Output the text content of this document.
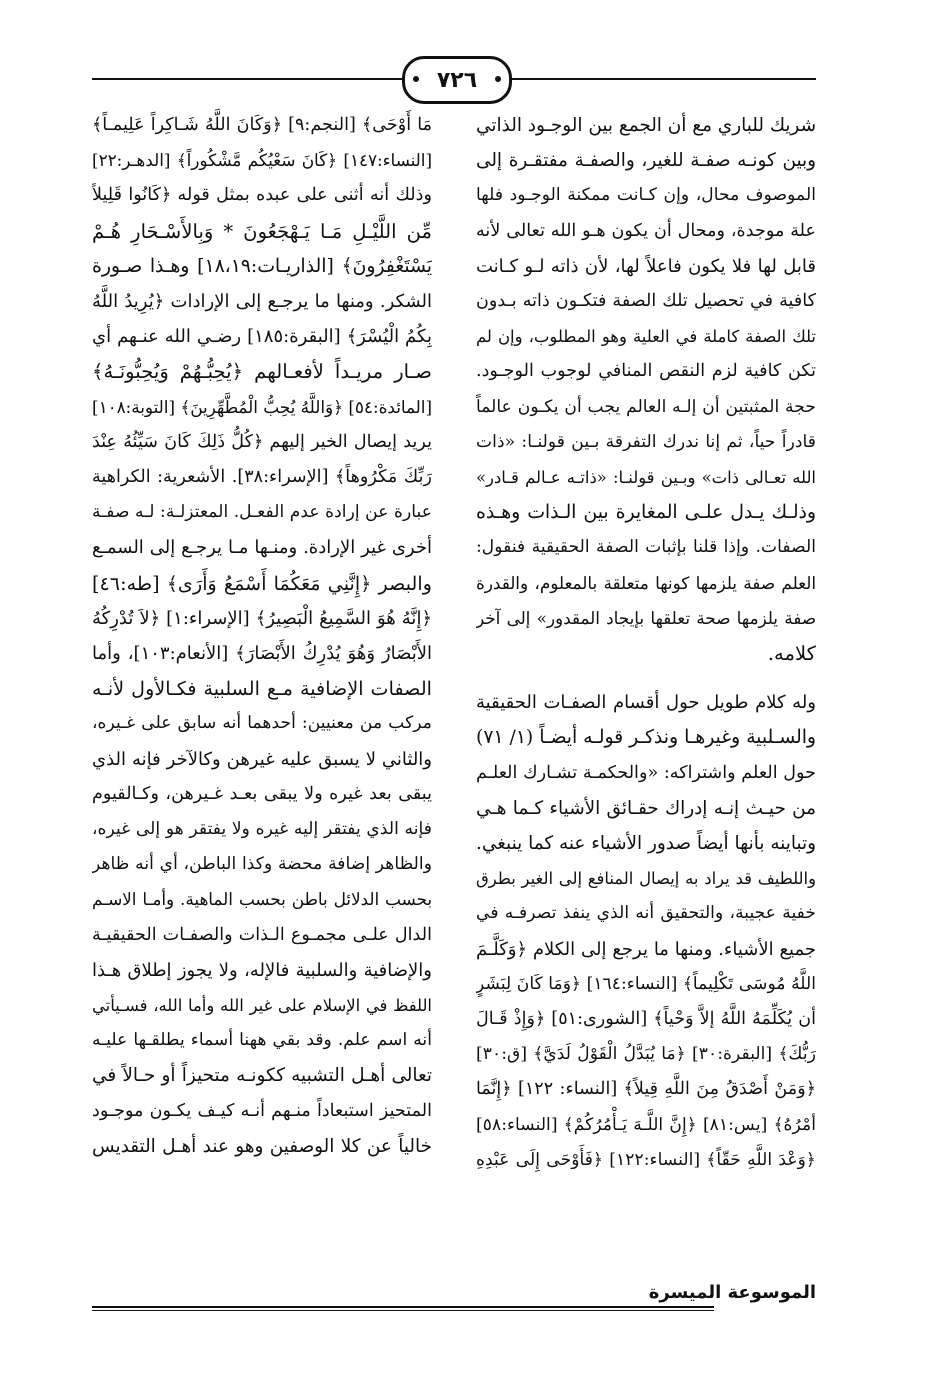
٧٢٦

شريك للباري مع أن الجمع بين الوجـود الذاتي
وبين كونـه صفـة للغير، والصفـة مفتقـرة إلى
الموصوف محال، وإن كـانت ممكنة الوجـود فلها
علة موجدة، ومحال أن يكون هـو الله تعالى لأنه
قابل لها فلا يكون فاعلاً لها، لأن ذاته لـو كـانت
كافية في تحصيل تلك الصفة فتكـون ذاته بـدون
تلك الصفة كاملة في العلية وهو المطلوب، وإن لم
تكن كافية لزم النقص المنافي لوجوب الوجـود.
حجة المثبتين أن إلـه العالم يجب أن يكـون عالماً
قادراً حياً، ثم إنا ندرك التفرقة بـين قولنـا: «ذات
الله تعـالى ذات» وبـين قولنـا: «ذاتـه عـالم قـادر»
وذلـك يـدل علـى المغايرة بين الـذات وهـذه
الصفات. وإذا قلنا بإثبات الصفة الحقيقية فنقول:
العلم صفة يلزمها كونها متعلقة بالمعلوم، والقدرة
صفة يلزمها صحة تعلقها بإيجاد المقدور» إلى آخر
كلامه.

وله كلام طويل حول أقسام الصفـات الحقيقية
والسـلبية وغيرهـا ونذكـر قولـه أيضـاً (١/ ٧١)
حول العلم واشتراكه: «والحكمـة تشـارك العلـم
من حيـث إنـه إدراك حقـائق الأشياء كـما هـي
وتباينه بأنها أيضاً صدور الأشياء عنه كما ينبغي.
واللطيف قد يراد به إيصال المنافع إلى الغير بطرق
خفية عجيبة، والتحقيق أنه الذي ينفذ تصرفـه في
جميع الأشياء. ومنها ما يرجع إلى الكلام ﴿وَكَلَّـمَ
اللَّهُ مُوسَى تَكْلِيماً﴾ [النساء:١٦٤] ﴿وَمَا كَانَ لِبَشَرٍ
أن يُكَلِّمَهُ اللَّهُ إلاَّ وَحْياً﴾ [الشورى:٥١] ﴿وَإِذْ قَـالَ
رَبُّكَ﴾ [البقرة:٣٠] ﴿مَا يُبَدَّلُ الْقَوْلُ لَدَيَّ﴾ [ق:٣٠]
﴿وَمَنْ أَصْدَقُ مِنَ اللَّهِ قِيلاً﴾ [النساء: ١٢٢] ﴿إِنَّمَا
أمْرُهُ﴾ [يس:٨١] ﴿إِنَّ اللَّـهَ يَـأْمُرُكُمْ﴾ [النساء:٥٨]
﴿وَعْدَ اللَّهِ حَقّاً﴾ [النساء:١٢٢] ﴿فَأَوْحَى إِلَى عَبْدِهِ

مَا أَوْحَى﴾ [النجم:٩] ﴿وَكَانَ اللَّهُ شَـاكِراً عَلِيمـاً﴾
[النساء:١٤٧] ﴿كَانَ سَعْيُكُم مَّشْكُوراً﴾ [الدهـر:٢٢]
وذلك أنه أثنى على عبده بمثل قوله ﴿كَانُوا قَلِيلاً
مِّن اللَّيْـلِ مَـا يَـهْجَعُونَ * وَبِالأَسْـحَارِ هُـمْ
يَسْتَغْفِرُونَ﴾ [الذاريـات:١٨،١٩] وهـذا صـورة
الشكر. ومنها ما يرجـع إلى الإرادات ﴿يُرِيدُ اللَّهُ
بِكُمُ الْيُسْرَ﴾ [البقرة:١٨٥] رضـي الله عنـهم أي
صـار مريـداً لأفعـالهم ﴿يُحِبُّـهُمْ وَيُحِبُّونَـهُ﴾
[المائدة:٥٤] ﴿وَاللَّهُ يُحِبُّ الْمُطَّهِّرِينَ﴾ [التوبة:١٠٨]
يريد إيصال الخير إليهم ﴿كُلُّ ذَلِكَ كَانَ سَيِّئُهُ عِنْدَ
رَبِّكَ مَكْرُوهاً﴾ [الإسراء:٣٨]. الأشعرية: الكراهية
عبارة عن إرادة عدم الفعـل. المعتزلـة: لـه صفـة
أخرى غير الإرادة. ومنـها مـا يرجـع إلى السمـع
والبصر ﴿إِنَّنِي مَعَكُمَا أَسْمَعُ وَأَرَى﴾ [طه:٤٦]
﴿إِنَّهُ هُوَ السَّمِيعُ الْبَصِيرُ﴾ [الإسراء:١] ﴿لاَ تُدْرِكُهُ
الأَبْصَارُ وَهُوَ يُدْرِكُ الأَبْصَارَ﴾ [الأنعام:١٠٣]، وأما
الصفات الإضافية مـع السلبية فكـالأول لأنـه
مركب من معنيين: أحدهما أنه سابق على غـيره،
والثاني لا يسبق عليه غيرهن وكالآخر فإنه الذي
يبقى بعد غيره ولا يبقى بعـد غـيرهن، وكـالقيوم
فإنه الذي يفتقر إليه غيره ولا يفتقر هو إلى غيره،
والظاهر إضافة محضة وكذا الباطن، أي أنه ظاهر
بحسب الدلائل باطن بحسب الماهية. وأمـا الاسـم
الدال علـى مجمـوع الـذات والصفـات الحقيقيـة
والإضافية والسلبية فالإله، ولا يجوز إطلاق هـذا
اللفظ في الإسلام على غير الله وأما الله، فسـيأتي
أنه اسم علم. وقد بقي ههنا أسماء يطلقـها عليـه
تعالى أهـل التشبيه ككونـه متحيزاً أو حـالاً في
المتحيز استبعاداً منـهم أنـه كيـف يكـون موجـود
خالياً عن كلا الوصفين وهو عند أهـل التقديس

الموسوعة الميسرة
